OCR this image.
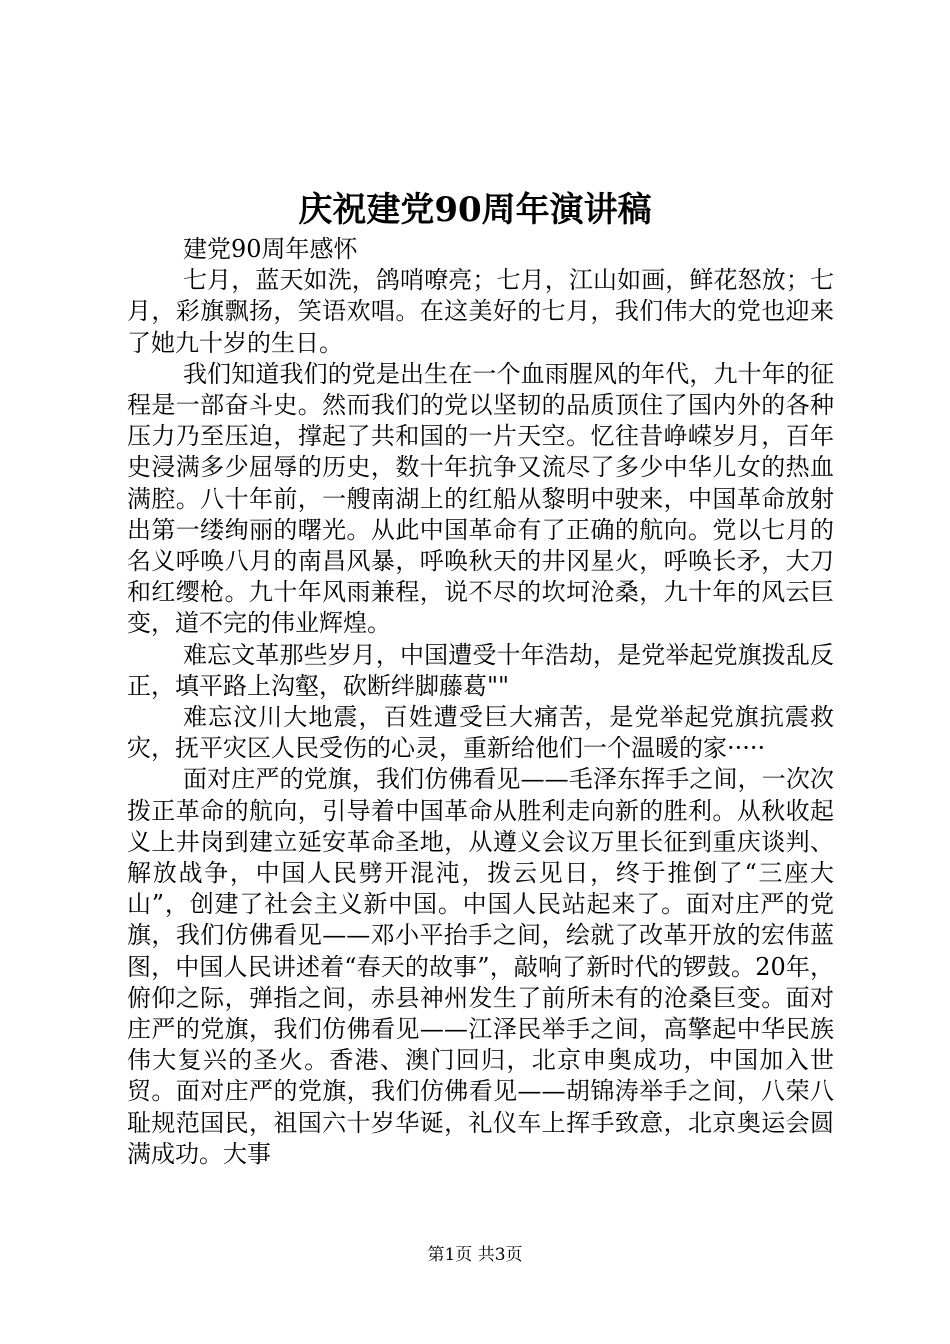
庆祝建党90周年演讲稿

建党90周年感怀

七月，蓝天如洗，鸽哨嘹亮；七月，江山如画，鲜花怒放；七月，彩旗飘扬，笑语欢唱。在这美好的七月，我们伟大的党也迎来了她九十岁的生日。

我们知道我们的党是出生在一个血雨腥风的年代，九十年的征程是一部奋斗史。然而我们的党以坚韧的品质顶住了国内外的各种压力乃至压迫，撑起了共和国的一片天空。忆往昔峥嵘岁月，百年史浸满多少屈辱的历史，数十年抗争又流尽了多少中华儿女的热血满腔。八十年前，一艘南湖上的红船从黎明中驶来，中国革命放射出第一缕绚丽的曙光。从此中国革命有了正确的航向。党以七月的名义呼唤八月的南昌风暴，呼唤秋天的井冈星火，呼唤长矛，大刀和红缨枪。九十年风雨兼程，说不尽的坎坷沧桑，九十年的风云巨变，道不完的伟业辉煌。

难忘文革那些岁月，中国遭受十年浩劫，是党举起党旗拨乱反正，填平路上沟壑，砍断绊脚藤葛""

难忘汶川大地震，百姓遭受巨大痛苦，是党举起党旗抗震救灾，抚平灾区人民受伤的心灵，重新给他们一个温暖的家·····

面对庄严的党旗，我们仿佛看见——毛泽东挥手之间，一次次拨正革命的航向，引导着中国革命从胜利走向新的胜利。从秋收起义上井岗到建立延安革命圣地，从遵义会议万里长征到重庆谈判、解放战争，中国人民劈开混沌，拨云见日，终于推倒了“三座大山”，创建了社会主义新中国。中国人民站起来了。面对庄严的党旗，我们仿佛看见——邓小平抬手之间，绘就了改革开放的宏伟蓝图，中国人民讲述着“春天的故事”，敲响了新时代的锣鼓。20年，俯仰之际，弹指之间，赤县神州发生了前所未有的沧桑巨变。面对庄严的党旗，我们仿佛看见——江泽民举手之间，高擎起中华民族伟大复兴的圣火。香港、澳门回归，北京申奥成功，中国加入世贸。面对庄严的党旗，我们仿佛看见——胡锦涛举手之间，八荣八耻规范国民，祖国六十岁华诞，礼仪车上挥手致意，北京奥运会圆满成功。大事

第1页 共3页
